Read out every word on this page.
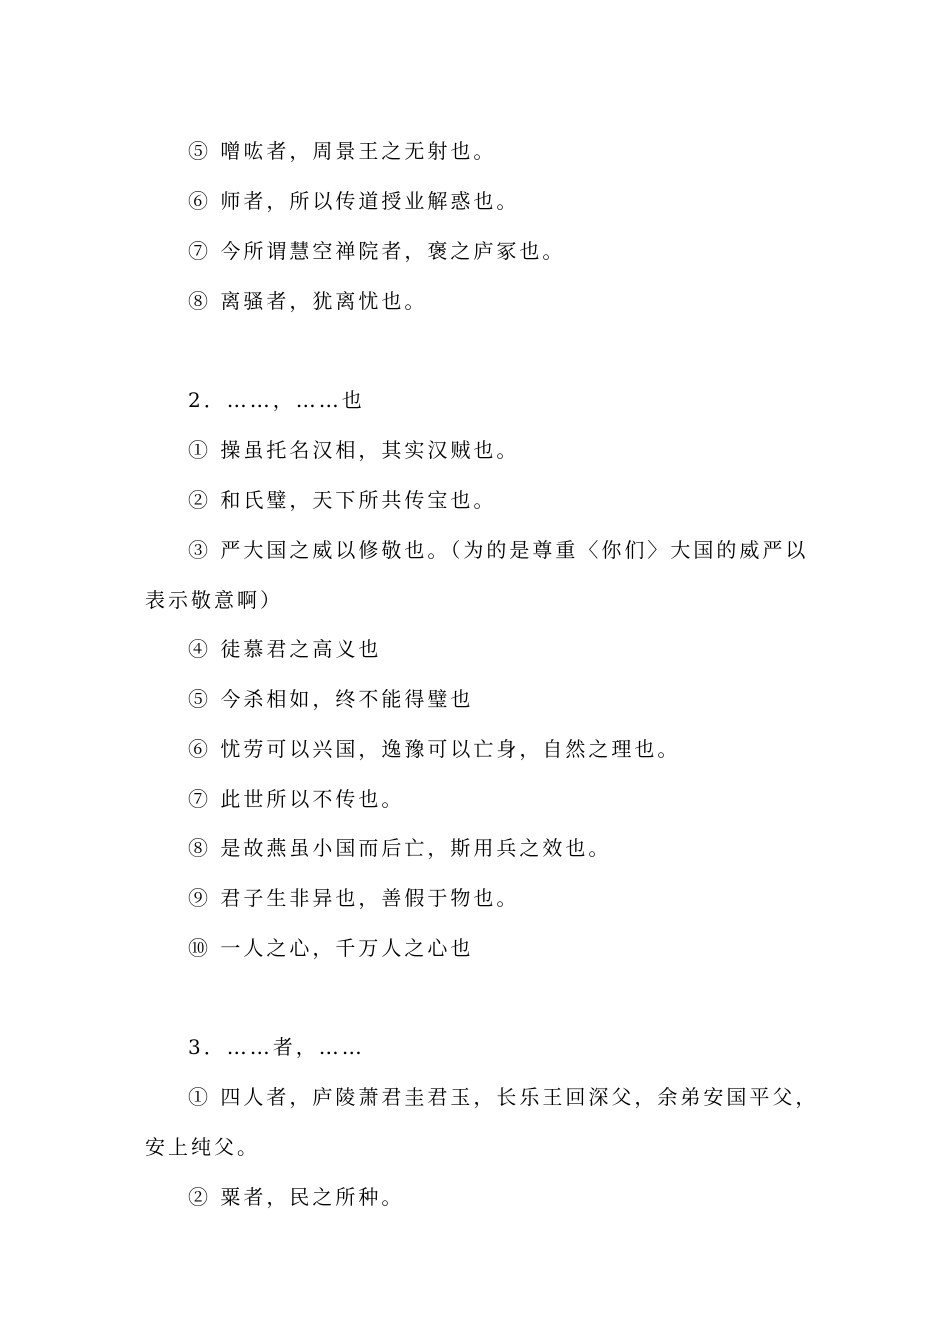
⑤ 噌吰者，周景王之无射也。
⑥ 师者，所以传道授业解惑也。
⑦ 今所谓慧空禅院者，褒之庐冢也。
⑧ 离骚者，犹离忧也。
2．……，……也
① 操虽托名汉相，其实汉贼也。
② 和氏璧，天下所共传宝也。
③ 严大国之威以修敬也。（为的是尊重〈你们〉大国的威严以
表示敬意啊）
④ 徒慕君之高义也
⑤ 今杀相如，终不能得璧也
⑥ 忧劳可以兴国，逸豫可以亡身，自然之理也。
⑦ 此世所以不传也。
⑧ 是故燕虽小国而后亡，斯用兵之效也。
⑨ 君子生非异也，善假于物也。
⑩ 一人之心，千万人之心也
3．……者，……
① 四人者，庐陵萧君圭君玉，长乐王回深父，余弟安国平父，
安上纯父。
② 粟者，民之所种。
